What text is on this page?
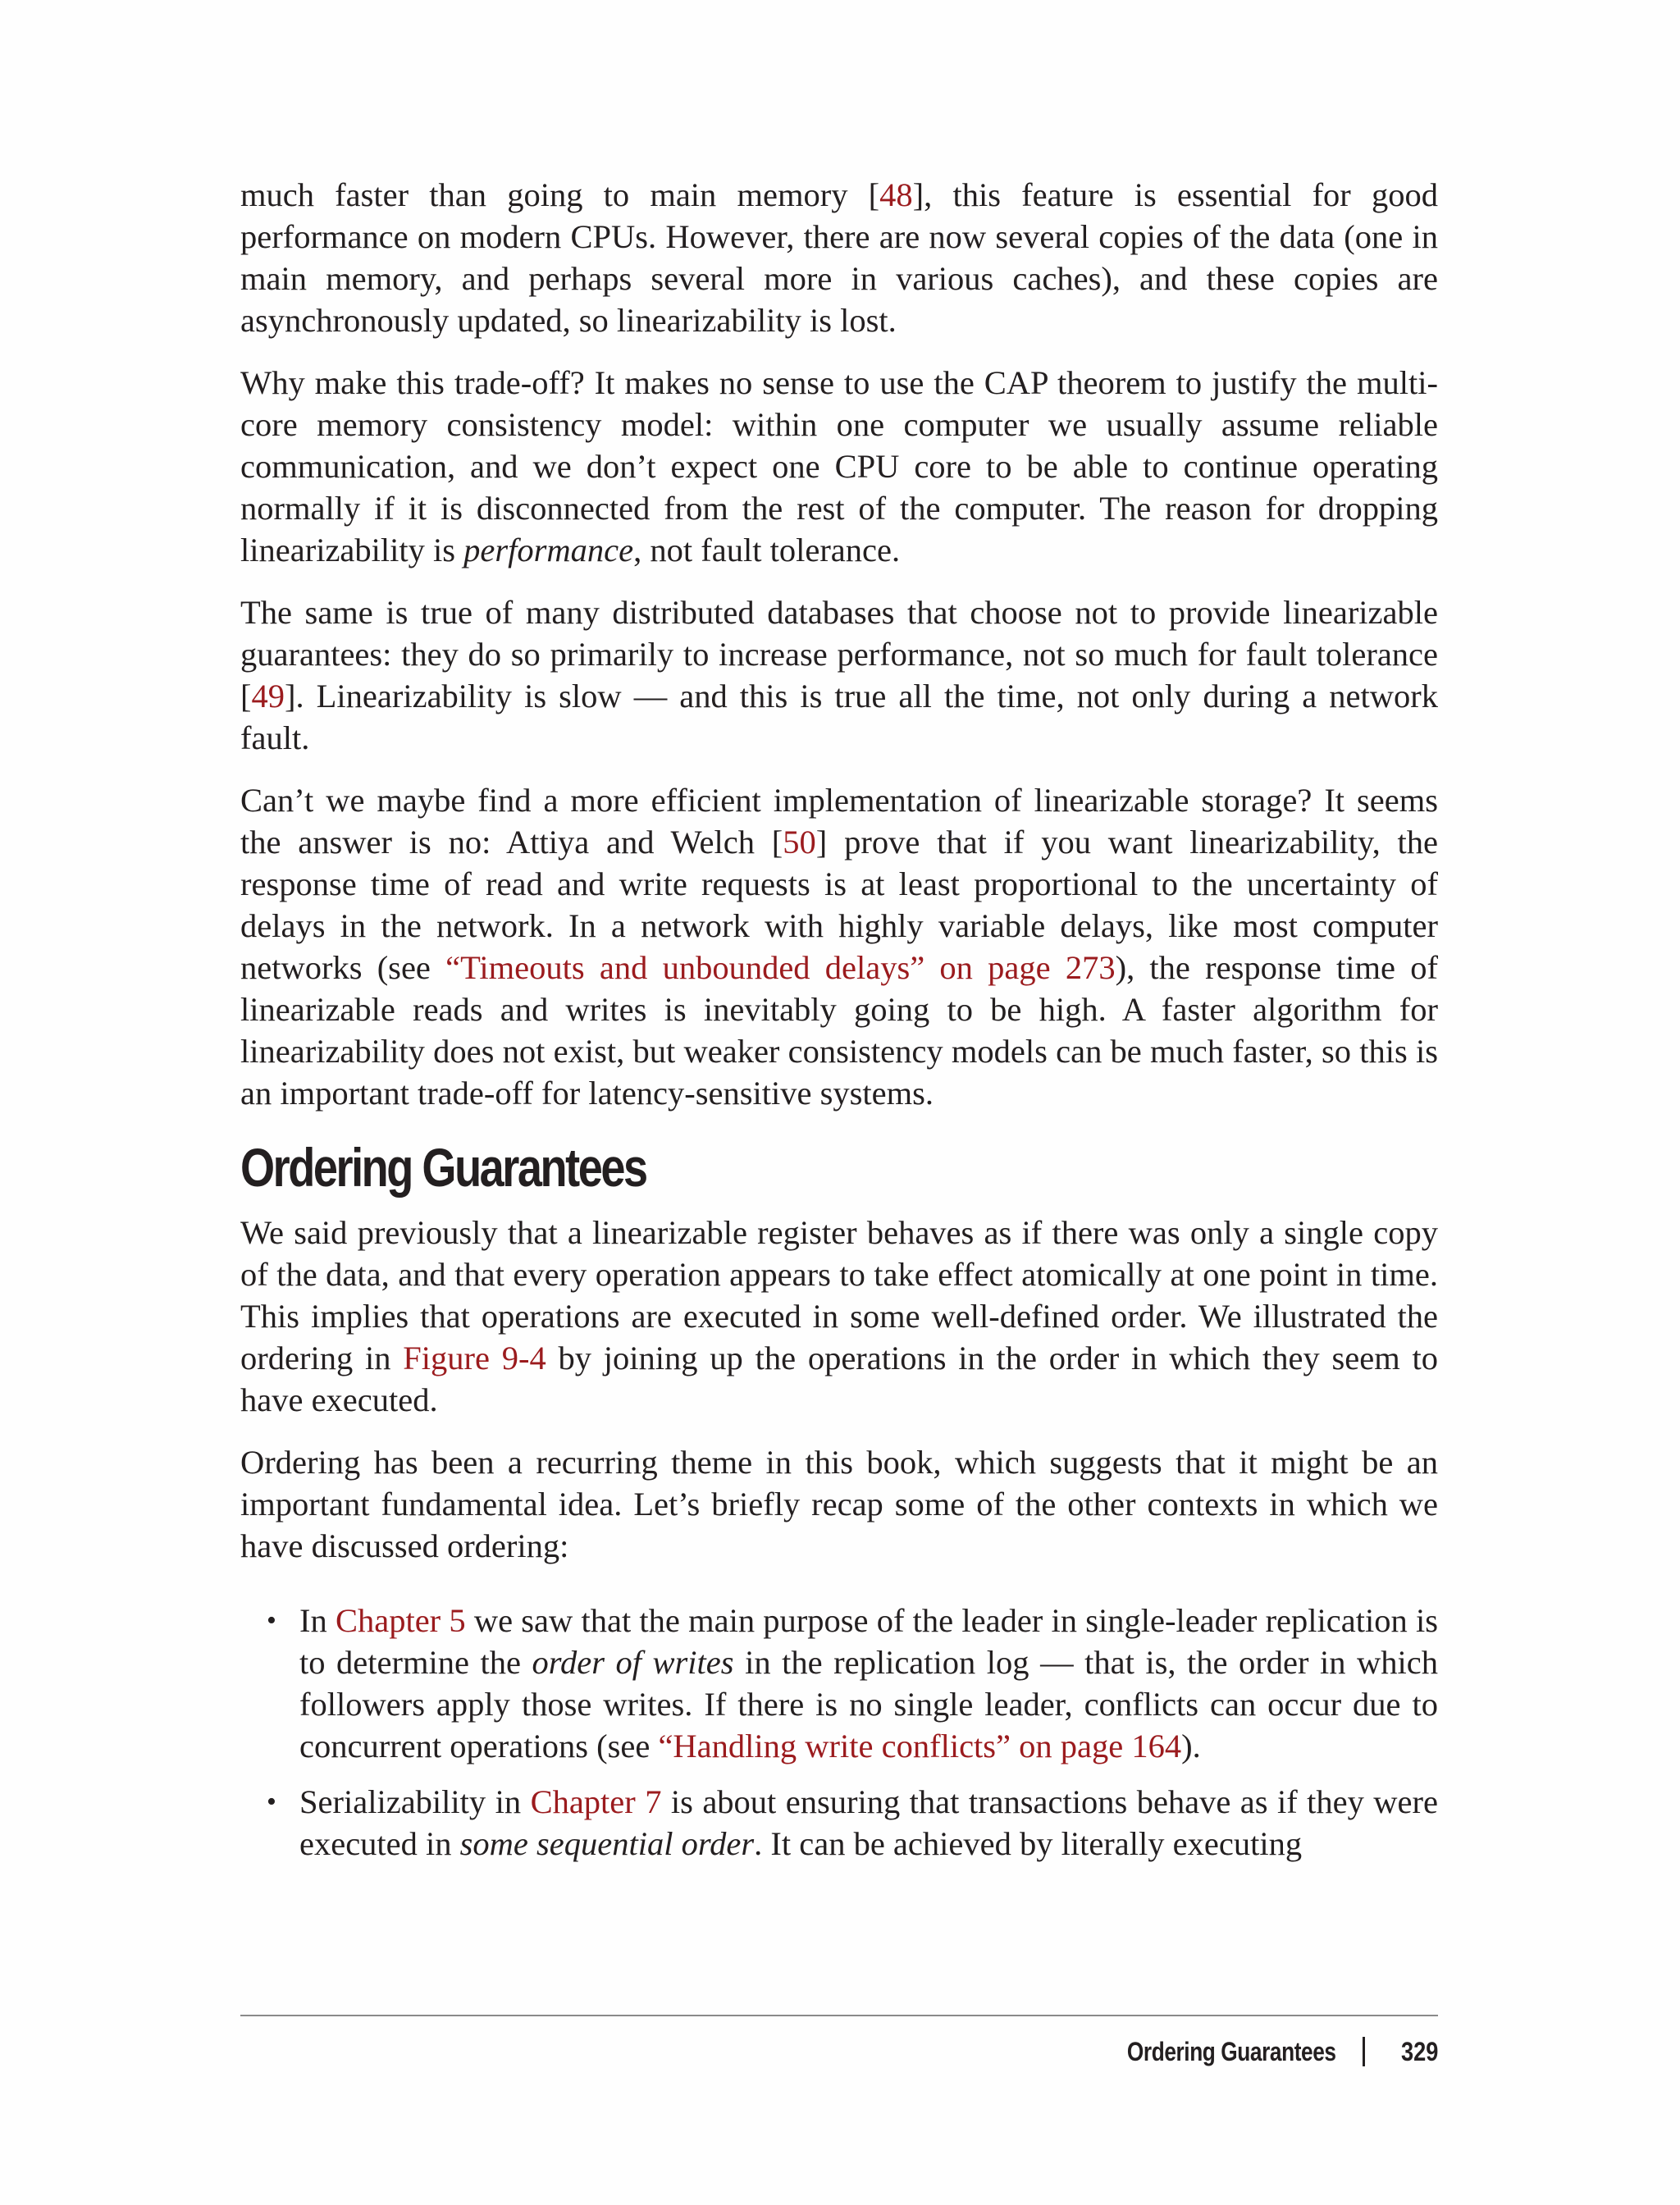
much faster than going to main memory [48], this feature is essential for good performance on modern CPUs. However, there are now several copies of the data (one in main memory, and perhaps several more in various caches), and these copies are asynchronously updated, so linearizability is lost.

Why make this trade-off? It makes no sense to use the CAP theorem to justify the multi-core memory consistency model: within one computer we usually assume reliable communication, and we don’t expect one CPU core to be able to continue operating normally if it is disconnected from the rest of the computer. The reason for dropping linearizability is performance, not fault tolerance.

The same is true of many distributed databases that choose not to provide linearizable guarantees: they do so primarily to increase performance, not so much for fault tolerance [49]. Linearizability is slow — and this is true all the time, not only during a network fault.

Can’t we maybe find a more efficient implementation of linearizable storage? It seems the answer is no: Attiya and Welch [50] prove that if you want linearizability, the response time of read and write requests is at least proportional to the uncertainty of delays in the network. In a network with highly variable delays, like most computer networks (see “Timeouts and unbounded delays” on page 273), the response time of linearizable reads and writes is inevitably going to be high. A faster algorithm for linearizability does not exist, but weaker consistency models can be much faster, so this is an important trade-off for latency-sensitive systems.

Ordering Guarantees

We said previously that a linearizable register behaves as if there was only a single copy of the data, and that every operation appears to take effect atomically at one point in time. This implies that operations are executed in some well-defined order. We illustrated the ordering in Figure 9-4 by joining up the operations in the order in which they seem to have executed.

Ordering has been a recurring theme in this book, which suggests that it might be an important fundamental idea. Let’s briefly recap some of the other contexts in which we have discussed ordering:

• In Chapter 5 we saw that the main purpose of the leader in single-leader replication is to determine the order of writes in the replication log — that is, the order in which followers apply those writes. If there is no single leader, conflicts can occur due to concurrent operations (see “Handling write conflicts” on page 164).
• Serializability in Chapter 7 is about ensuring that transactions behave as if they were executed in some sequential order. It can be achieved by literally executing
Ordering Guarantees 329
